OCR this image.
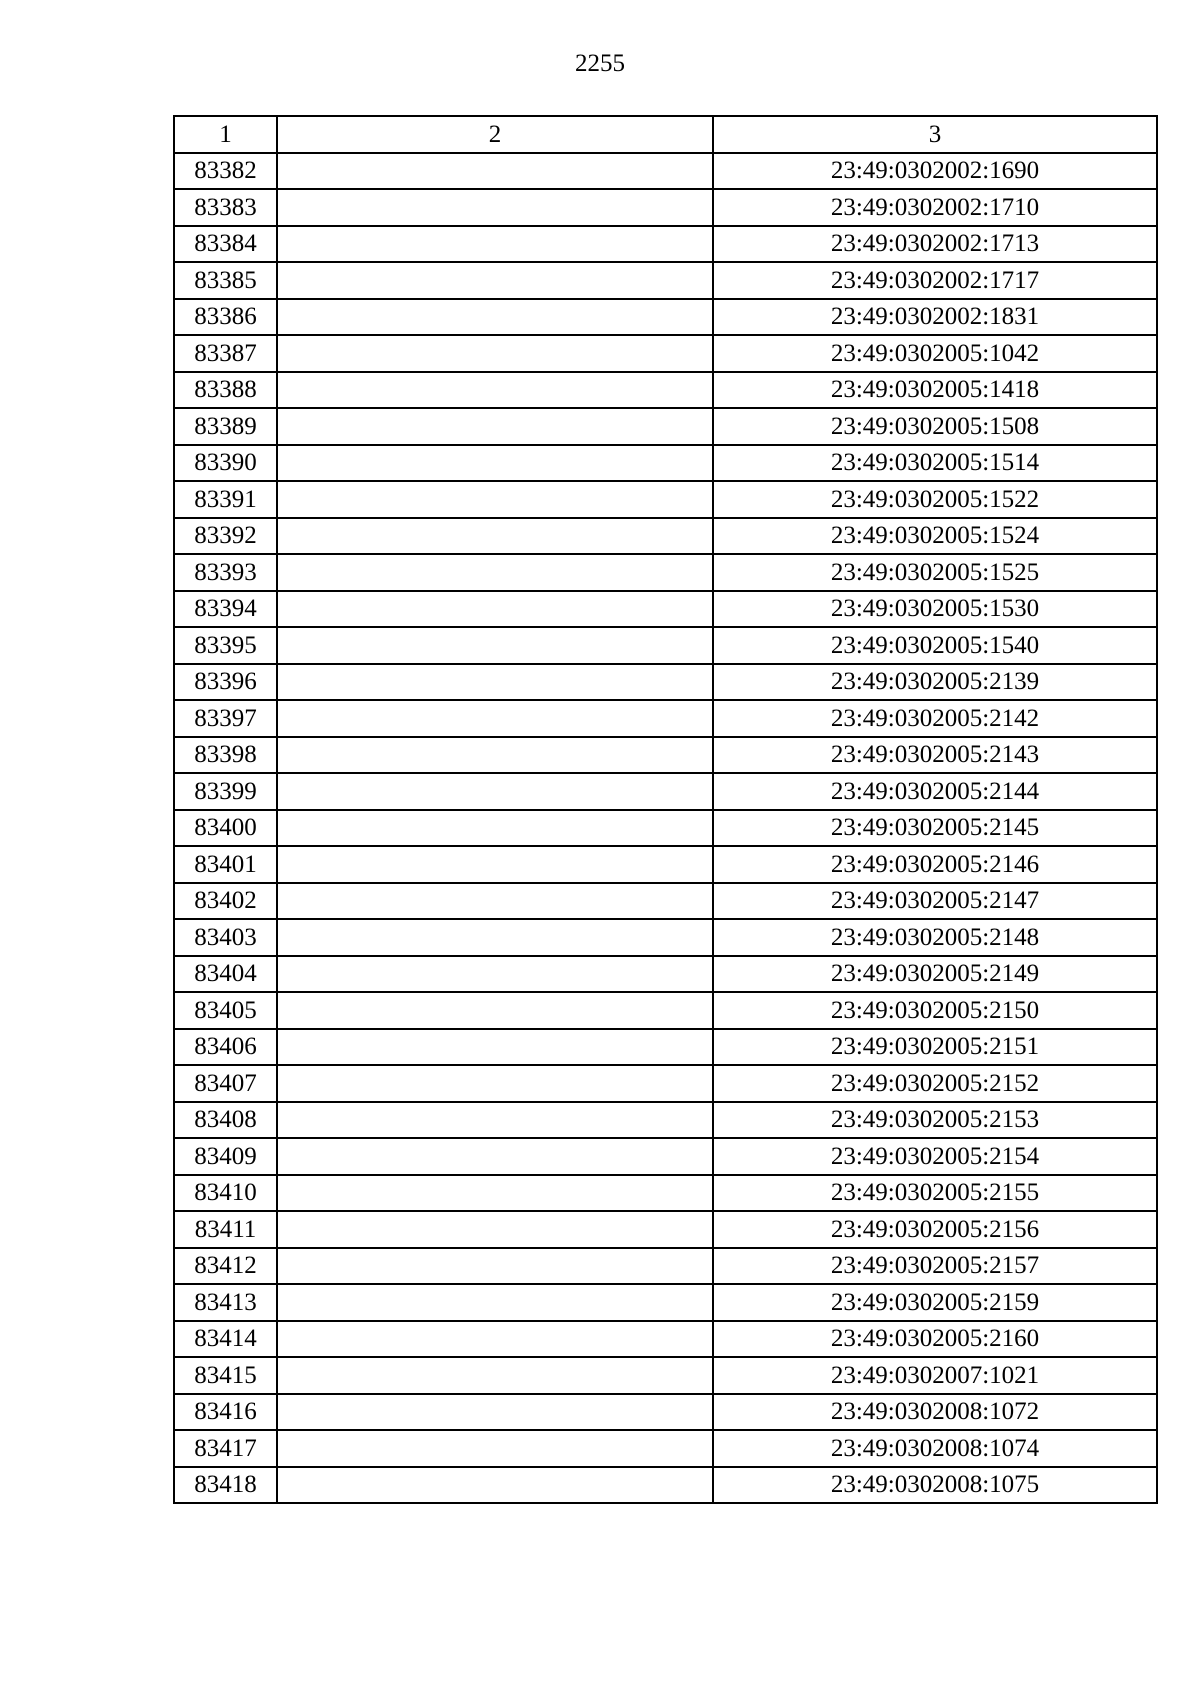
2255
1	2	3
83382		23:49:0302002:1690
83383		23:49:0302002:1710
83384		23:49:0302002:1713
83385		23:49:0302002:1717
83386		23:49:0302002:1831
83387		23:49:0302005:1042
83388		23:49:0302005:1418
83389		23:49:0302005:1508
83390		23:49:0302005:1514
83391		23:49:0302005:1522
83392		23:49:0302005:1524
83393		23:49:0302005:1525
83394		23:49:0302005:1530
83395		23:49:0302005:1540
83396		23:49:0302005:2139
83397		23:49:0302005:2142
83398		23:49:0302005:2143
83399		23:49:0302005:2144
83400		23:49:0302005:2145
83401		23:49:0302005:2146
83402		23:49:0302005:2147
83403		23:49:0302005:2148
83404		23:49:0302005:2149
83405		23:49:0302005:2150
83406		23:49:0302005:2151
83407		23:49:0302005:2152
83408		23:49:0302005:2153
83409		23:49:0302005:2154
83410		23:49:0302005:2155
83411		23:49:0302005:2156
83412		23:49:0302005:2157
83413		23:49:0302005:2159
83414		23:49:0302005:2160
83415		23:49:0302007:1021
83416		23:49:0302008:1072
83417		23:49:0302008:1074
83418		23:49:0302008:1075
